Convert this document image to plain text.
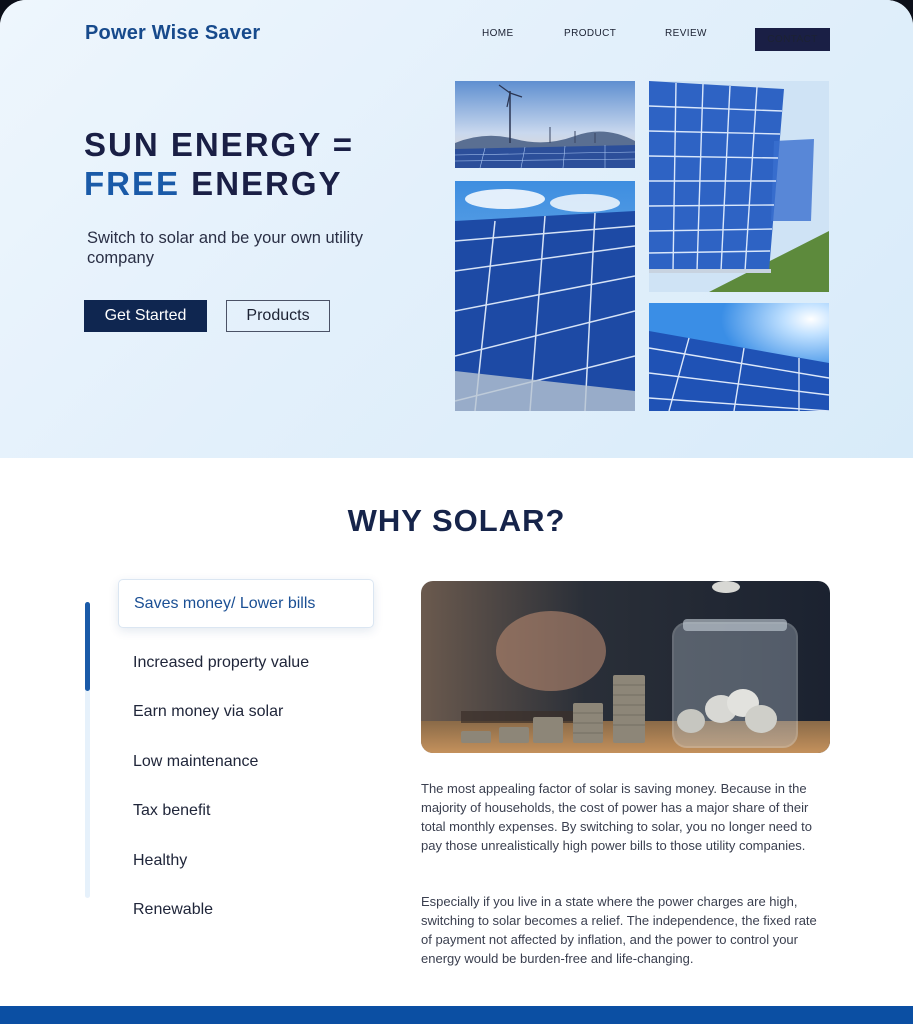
Power Wise Saver	HOME	PRODUCT	REVIEW
CONTACT
SUN ENERGY =
FREE ENERGY

Switch to solar and be your own utility company

Get Started	Products
WHY SOLAR?
Saves money/ Lower bills
Increased property value
Earn money via solar
Low maintenance
Tax benefit
Healthy
Renewable

The most appealing factor of solar is saving money. Because in the majority of households, the cost of power has a major share of their total monthly expenses. By switching to solar, you no longer need to pay those unrealistically high power bills to those utility companies.

Especially if you live in a state where the power charges are high, switching to solar becomes a relief. The independence, the fixed rate of payment not affected by inflation, and the power to control your energy would be burden-free and life-changing.
